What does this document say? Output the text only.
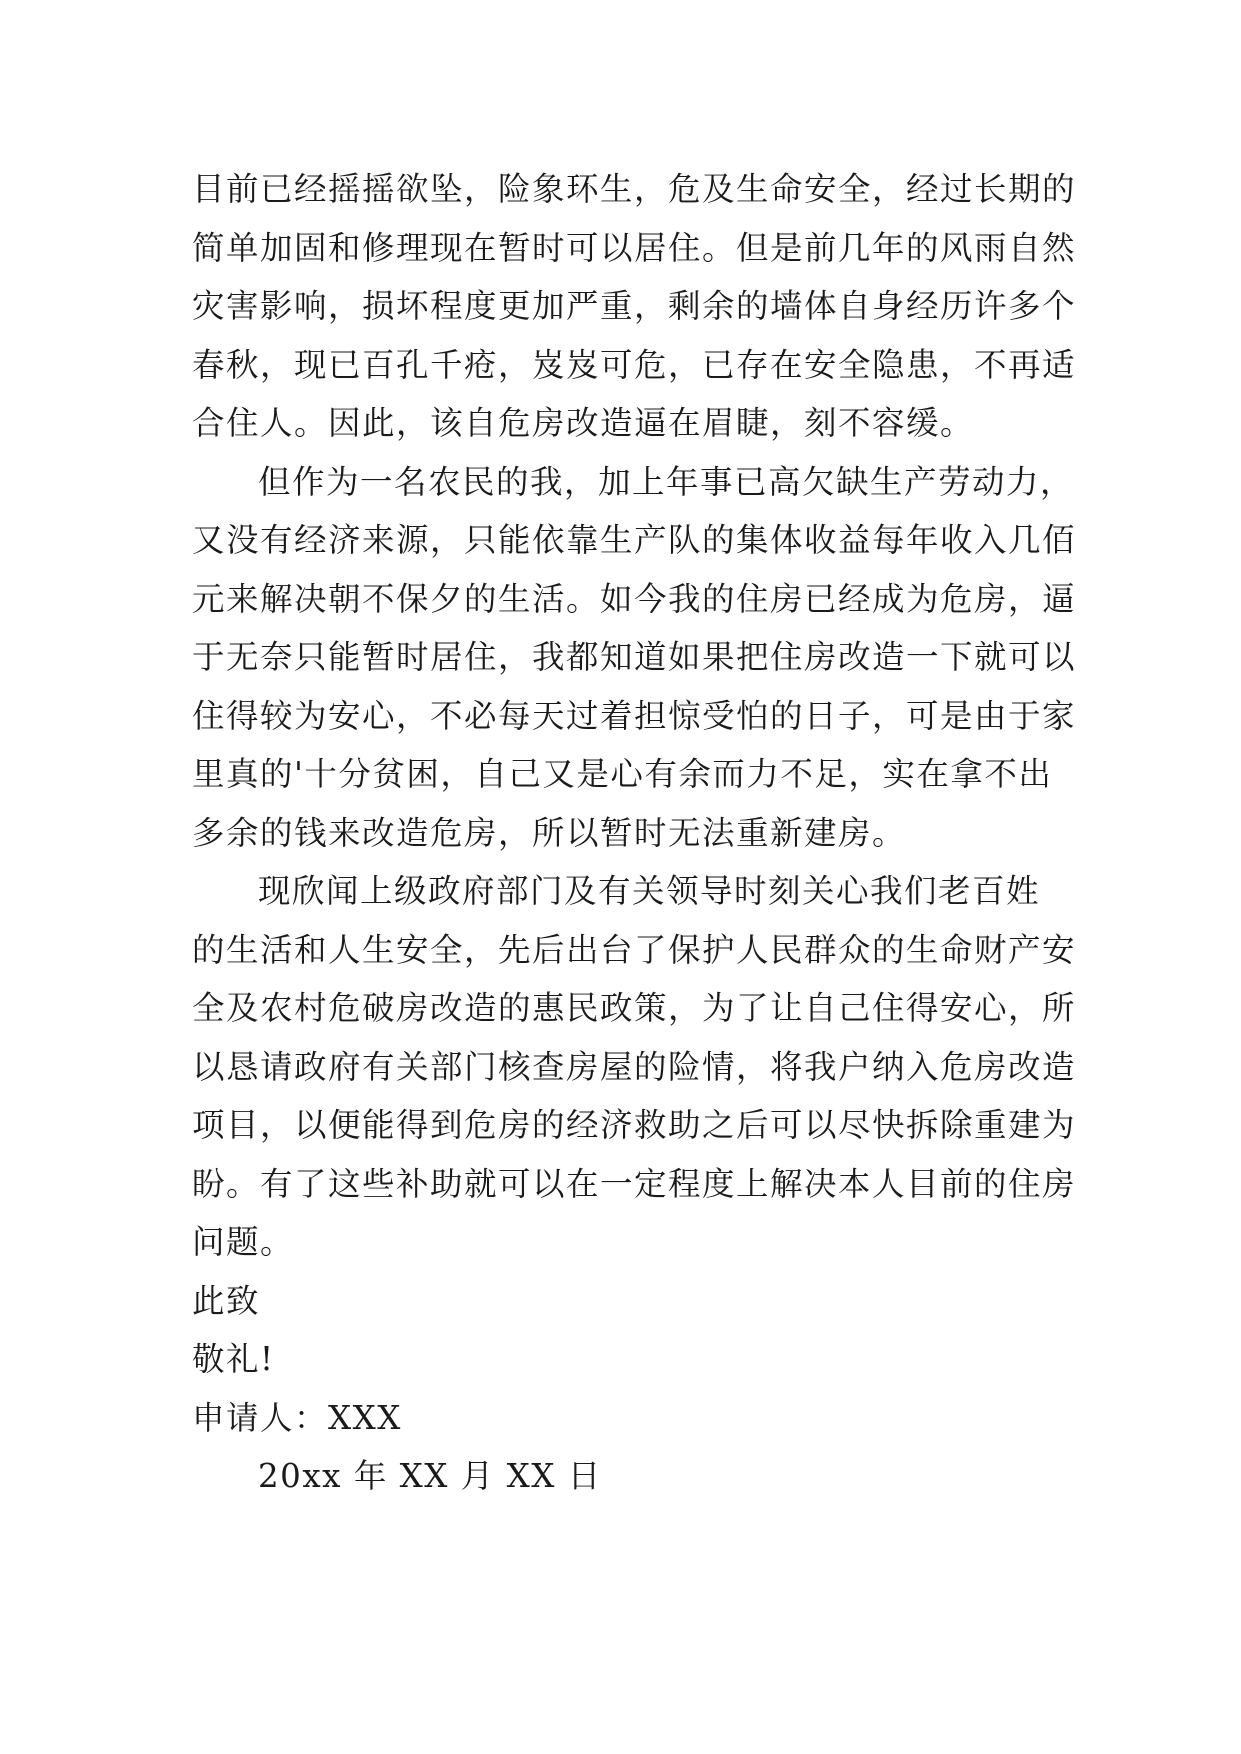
目前已经摇摇欲坠，险象环生，危及生命安全，经过长期的
简单加固和修理现在暂时可以居住。但是前几年的风雨自然
灾害影响，损坏程度更加严重，剩余的墙体自身经历许多个
春秋，现已百孔千疮，岌岌可危，已存在安全隐患，不再适
合住人。因此，该自危房改造逼在眉睫，刻不容缓。
但作为一名农民的我，加上年事已高欠缺生产劳动力，
又没有经济来源，只能依靠生产队的集体收益每年收入几佰
元来解决朝不保夕的生活。如今我的住房已经成为危房，逼
于无奈只能暂时居住，我都知道如果把住房改造一下就可以
住得较为安心，不必每天过着担惊受怕的日子，可是由于家
里真的'十分贫困，自己又是心有余而力不足，实在拿不出
多余的钱来改造危房，所以暂时无法重新建房。
现欣闻上级政府部门及有关领导时刻关心我们老百姓
的生活和人生安全，先后出台了保护人民群众的生命财产安
全及农村危破房改造的惠民政策，为了让自己住得安心，所
以恳请政府有关部门核查房屋的险情，将我户纳入危房改造
项目，以便能得到危房的经济救助之后可以尽快拆除重建为
盼。有了这些补助就可以在一定程度上解决本人目前的住房
问题。
此致
敬礼!
申请人：XXX
20xx 年 XX 月 XX 日
